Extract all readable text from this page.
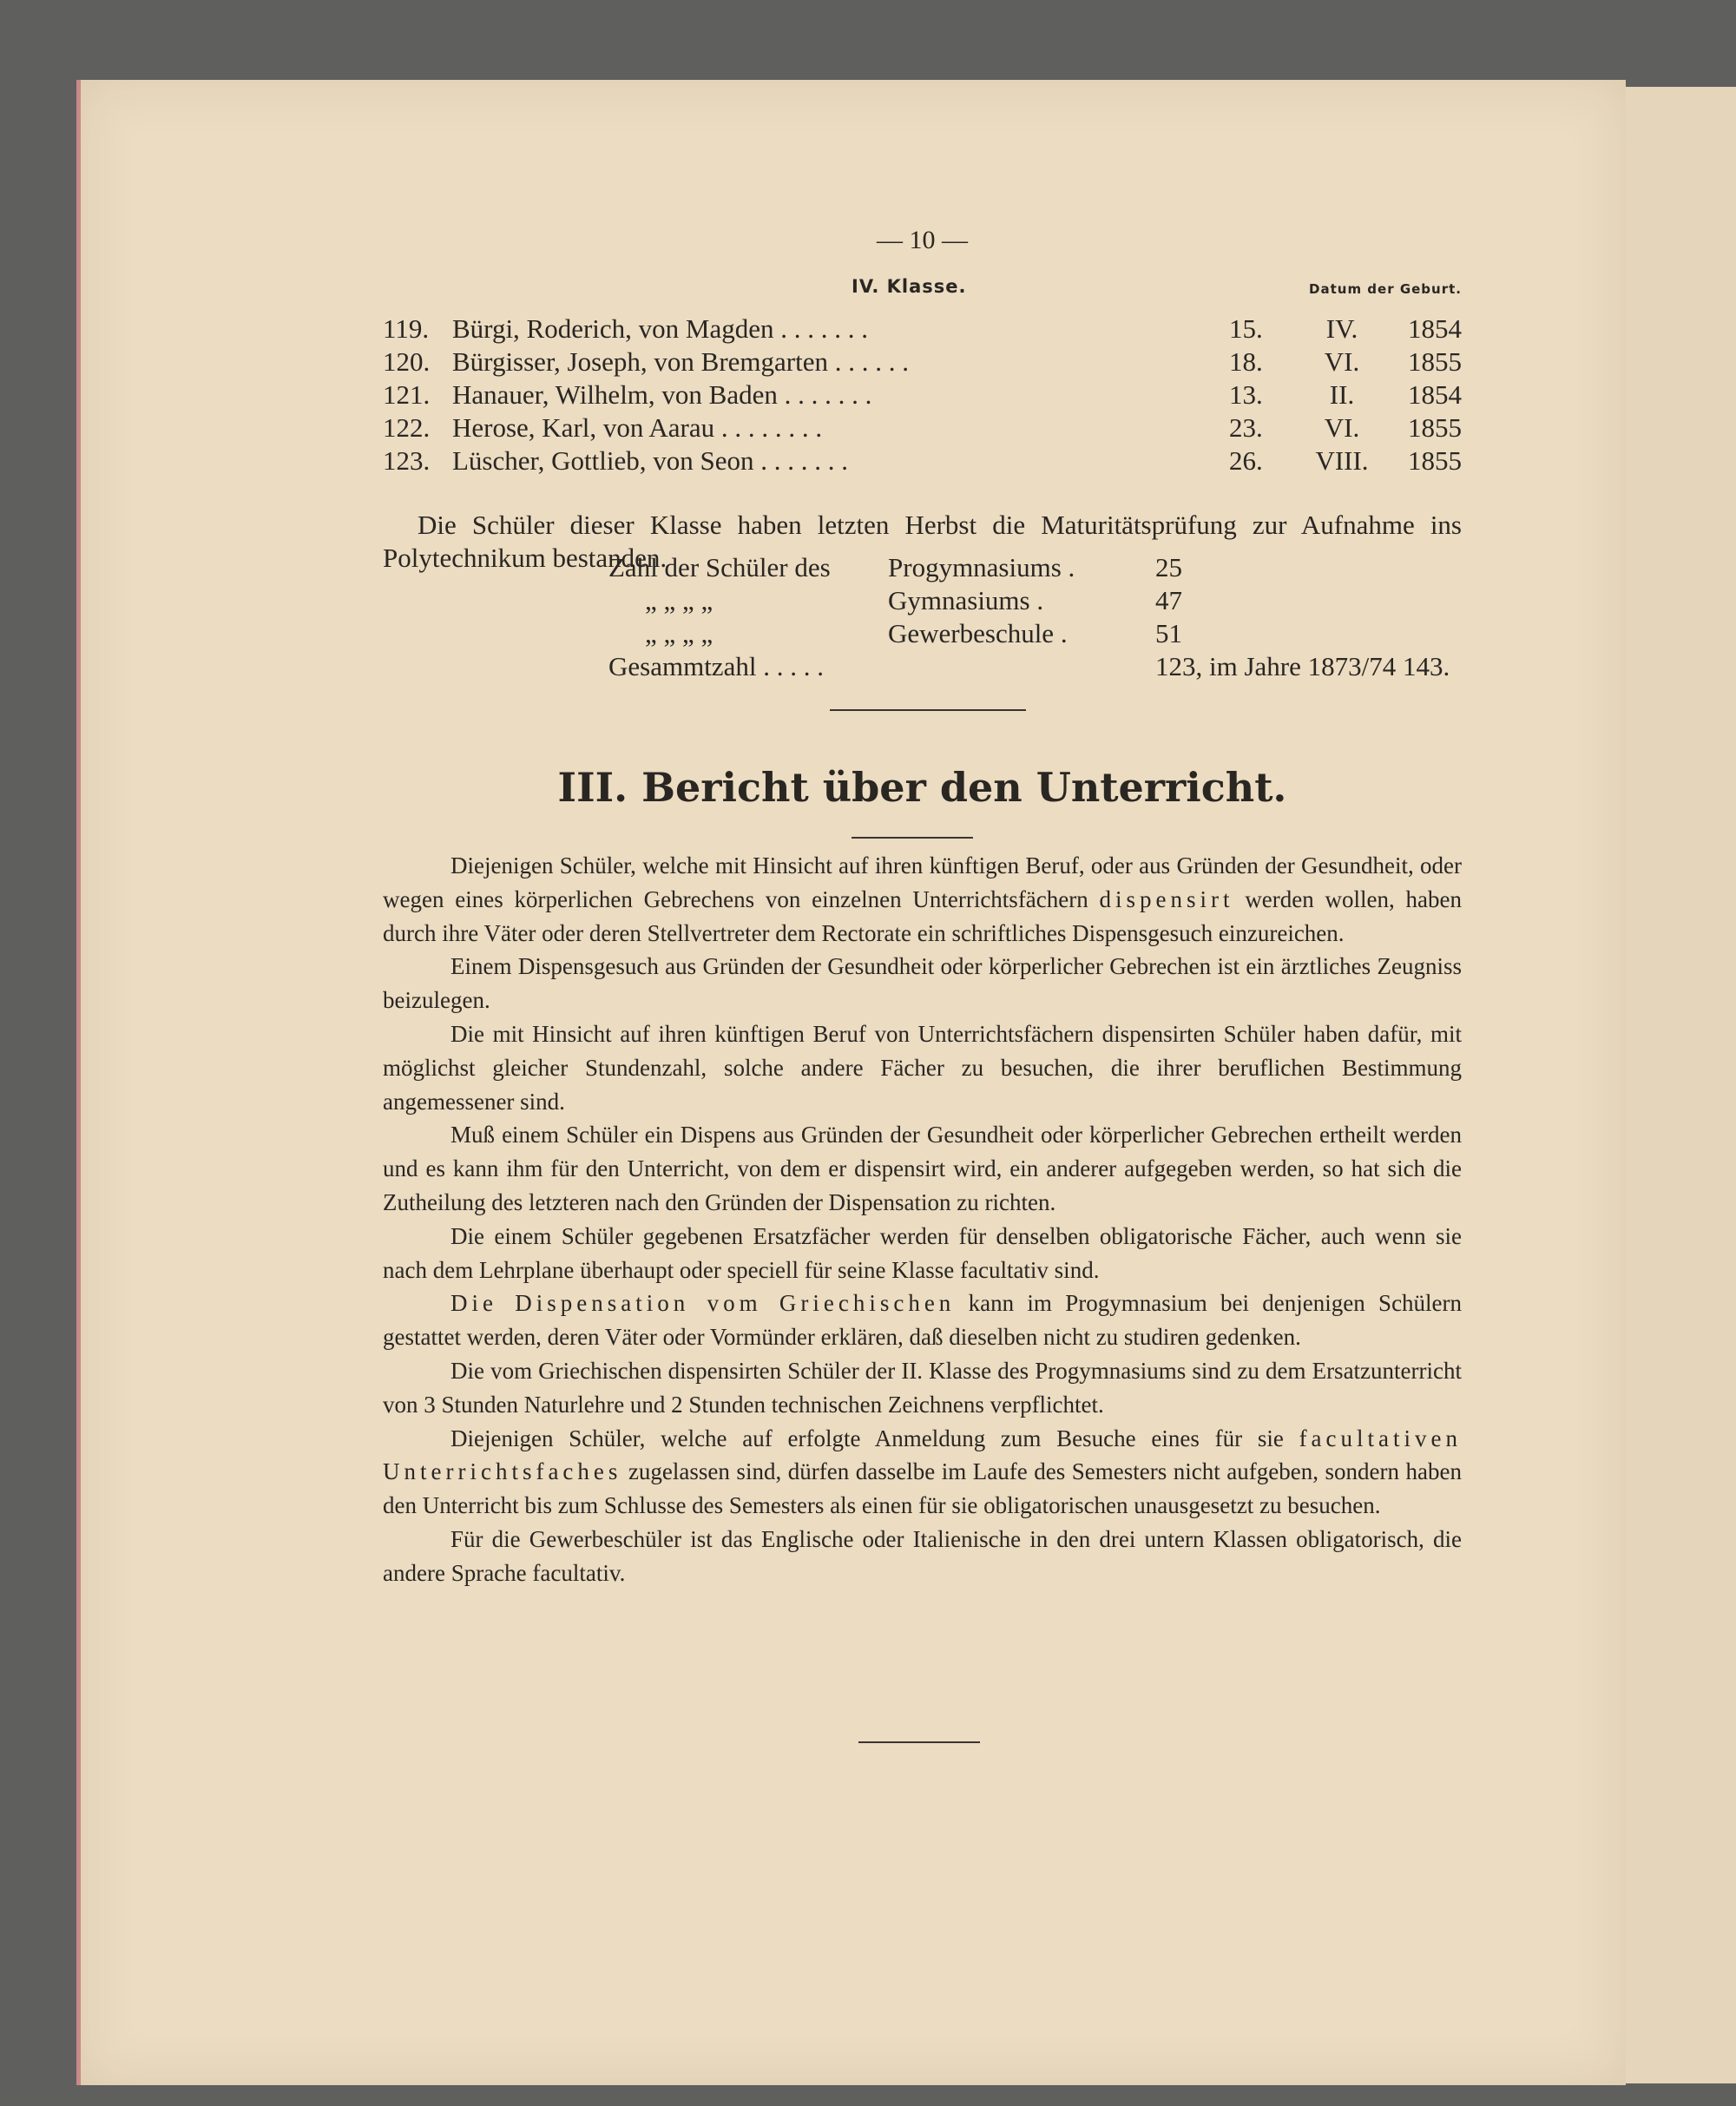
— 10 —
IV. Klasse.	Datum der Geburt.
119. Bürgi, Roderich, von Magden . . . . . . .	15.	IV.	1854
120. Bürgisser, Joseph, von Bremgarten . . . . . .	18.	VI.	1855
121. Hanauer, Wilhelm, von Baden . . . . . . .	13.	II.	1854
122. Herose, Karl, von Aarau . . . . . . . .	23.	VI.	1855
123. Lüscher, Gottlieb, von Seon . . . . . . .	26.	VIII.	1855

Die Schüler dieser Klasse haben letzten Herbst die Maturitätsprüfung zur Aufnahme ins Polytechnikum bestanden.

Zahl der Schüler des Progymnasiums .	25
„ „ „ „	Gymnasiums .	47
„ „ „ „	Gewerbeschule .	51
Gesammtzahl . . . . .	123, im Jahre 1873/74 143.
III. Bericht über den Unterricht.

Diejenigen Schüler, welche mit Hinsicht auf ihren künftigen Beruf, oder aus Gründen der Gesundheit, oder wegen eines körperlichen Gebrechens von einzelnen Unterrichtsfächern dispensirt werden wollen, haben durch ihre Väter oder deren Stellvertreter dem Rectorate ein schriftliches Dispensgesuch einzureichen.

Einem Dispensgesuch aus Gründen der Gesundheit oder körperlicher Gebrechen ist ein ärztliches Zeugniss beizulegen.

Die mit Hinsicht auf ihren künftigen Beruf von Unterrichtsfächern dispensirten Schüler haben dafür, mit möglichst gleicher Stundenzahl, solche andere Fächer zu besuchen, die ihrer beruflichen Bestimmung angemessener sind.

Muß einem Schüler ein Dispens aus Gründen der Gesundheit oder körperlicher Gebrechen ertheilt werden und es kann ihm für den Unterricht, von dem er dispensirt wird, ein anderer aufgegeben werden, so hat sich die Zutheilung des letzteren nach den Gründen der Dispensation zu richten.

Die einem Schüler gegebenen Ersatzfächer werden für denselben obligatorische Fächer, auch wenn sie nach dem Lehrplane überhaupt oder speciell für seine Klasse facultativ sind.

Die Dispensation vom Griechischen kann im Progymnasium bei denjenigen Schülern gestattet werden, deren Väter oder Vormünder erklären, daß dieselben nicht zu studiren gedenken.

Die vom Griechischen dispensirten Schüler der II. Klasse des Progymnasiums sind zu dem Ersatzunterricht von 3 Stunden Naturlehre und 2 Stunden technischen Zeichnens verpflichtet.

Diejenigen Schüler, welche auf erfolgte Anmeldung zum Besuche eines für sie facultativen Unterrichtsfaches zugelassen sind, dürfen dasselbe im Laufe des Semesters nicht aufgeben, sondern haben den Unterricht bis zum Schlusse des Semesters als einen für sie obligatorischen unausgesetzt zu besuchen.

Für die Gewerbeschüler ist das Englische oder Italienische in den drei untern Klassen obligatorisch, die andere Sprache facultativ.
